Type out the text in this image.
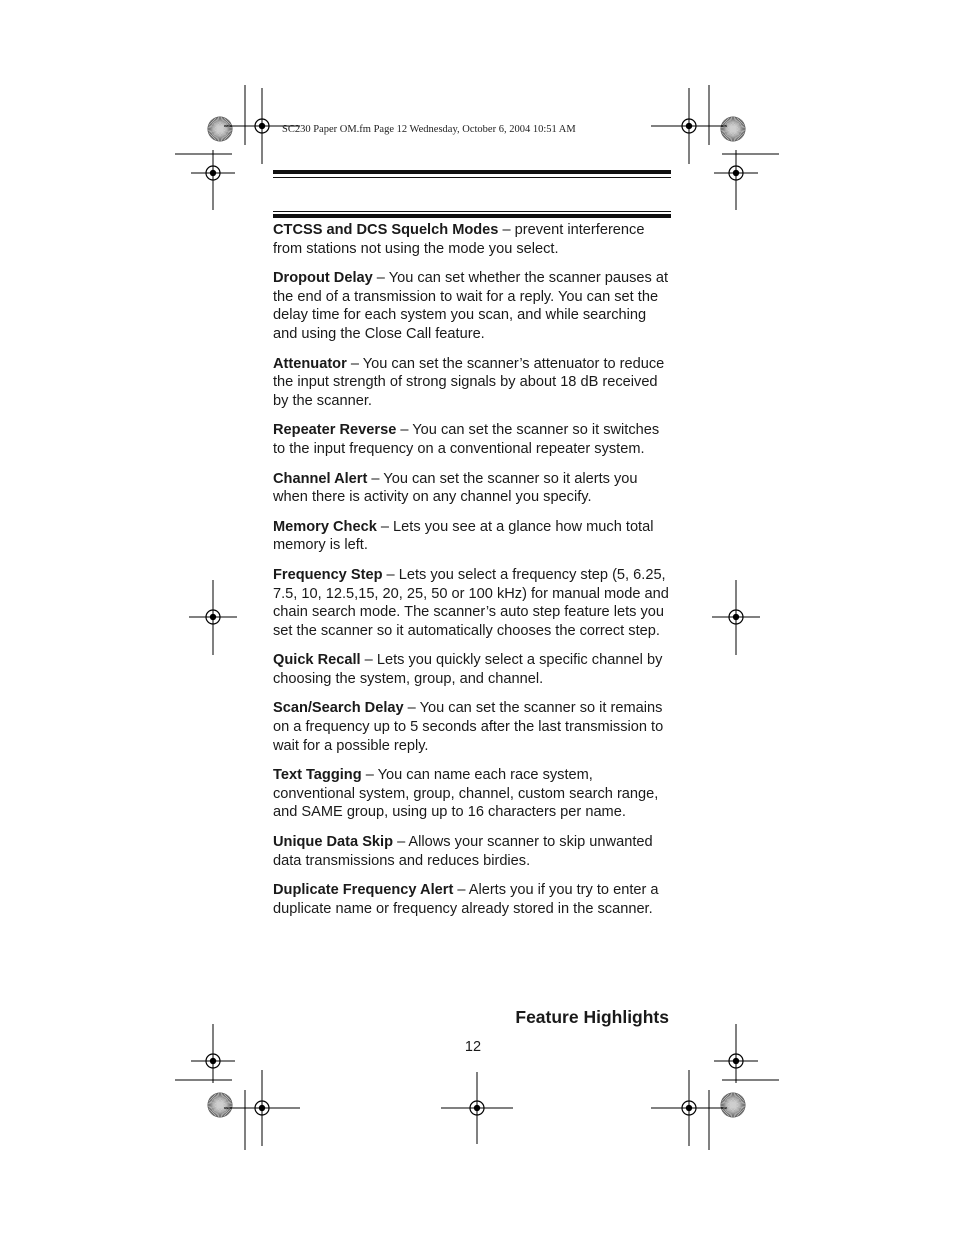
SC230 Paper OM.fm Page 12 Wednesday, October 6, 2004 10:51 AM

CTCSS and DCS Squelch Modes – prevent interference from stations not using the mode you select.

Dropout Delay – You can set whether the scanner pauses at the end of a transmission to wait for a reply. You can set the delay time for each system you scan, and while searching and using the Close Call feature.

Attenuator – You can set the scanner’s attenuator to reduce the input strength of strong signals by about 18 dB received by the scanner.

Repeater Reverse – You can set the scanner so it switches to the input frequency on a conventional repeater system.

Channel Alert – You can set the scanner so it alerts you when there is activity on any channel you specify.

Memory Check – Lets you see at a glance how much total memory is left.

Frequency Step – Lets you select a frequency step (5, 6.25, 7.5, 10, 12.5,15, 20, 25, 50 or 100 kHz) for manual mode and chain search mode. The scanner’s auto step feature lets you set the scanner so it automatically chooses the correct step.

Quick Recall – Lets you quickly select a specific channel by choosing the system, group, and channel.

Scan/Search Delay – You can set the scanner so it remains on a frequency up to 5 seconds after the last transmission to wait for a possible reply.

Text Tagging – You can name each race system, conventional system, group, channel, custom search range, and SAME group, using up to 16 characters per name.

Unique Data Skip – Allows your scanner to skip unwanted data transmissions and reduces birdies.

Duplicate Frequency Alert – Alerts you if you try to enter a duplicate name or frequency already stored in the scanner.

Feature Highlights
12
